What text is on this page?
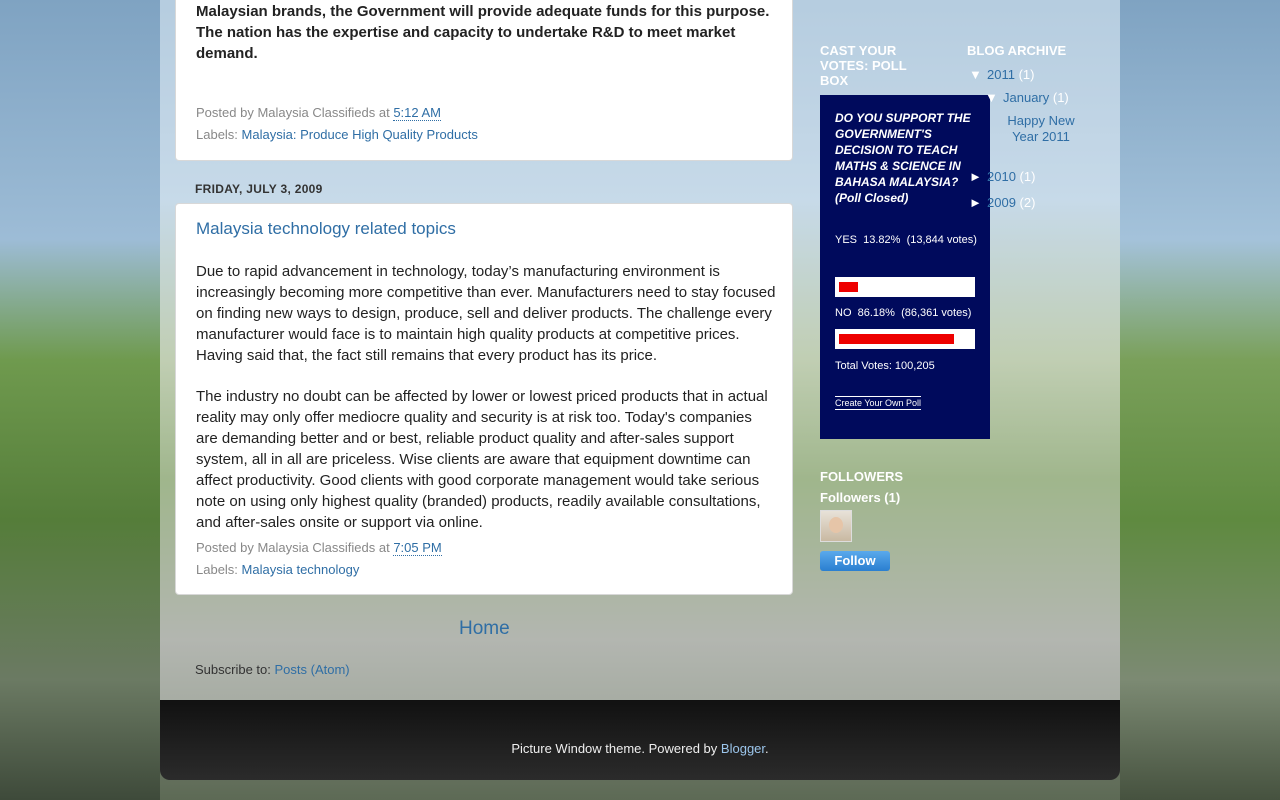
Malaysian brands, the Government will provide adequate funds for this purpose. The nation has the expertise and capacity to undertake R&D to meet market demand.
Posted by Malaysia Classifieds at 5:12 AM
Labels: Malaysia: Produce High Quality Products
FRIDAY, JULY 3, 2009
Malaysia technology related topics
Due to rapid advancement in technology, today’s manufacturing environment is increasingly becoming more competitive than ever. Manufacturers need to stay focused on finding new ways to design, produce, sell and deliver products. The challenge every manufacturer would face is to maintain high quality products at competitive prices. Having said that, the fact still remains that every product has its price.
The industry no doubt can be affected by lower or lowest priced products that in actual reality may only offer mediocre quality and security is at risk too. Today's companies are demanding better and or best, reliable product quality and after-sales support system, all in all are priceless. Wise clients are aware that equipment downtime can affect productivity. Good clients with good corporate management would take serious note on using only highest quality (branded) products, readily available consultations, and after-sales onsite or support via online.
Posted by Malaysia Classifieds at 7:05 PM
Labels: Malaysia technology
Home
Subscribe to: Posts (Atom)
CAST YOUR VOTES: POLL BOX
DO YOU SUPPORT THE GOVERNMENT'S DECISION TO TEACH MATHS & SCIENCE IN BAHASA MALAYSIA? (Poll Closed)
YES 13.82% (13,844 votes)
NO 86.18% (86,361 votes)
Total Votes: 100,205
Create Your Own Poll
BLOG ARCHIVE
▼ 2011 (1)
▼ January (1)
Happy New Year 2011
► 2010 (1)
► 2009 (2)
FOLLOWERS
Followers (1)
Follow
Picture Window theme. Powered by Blogger.
